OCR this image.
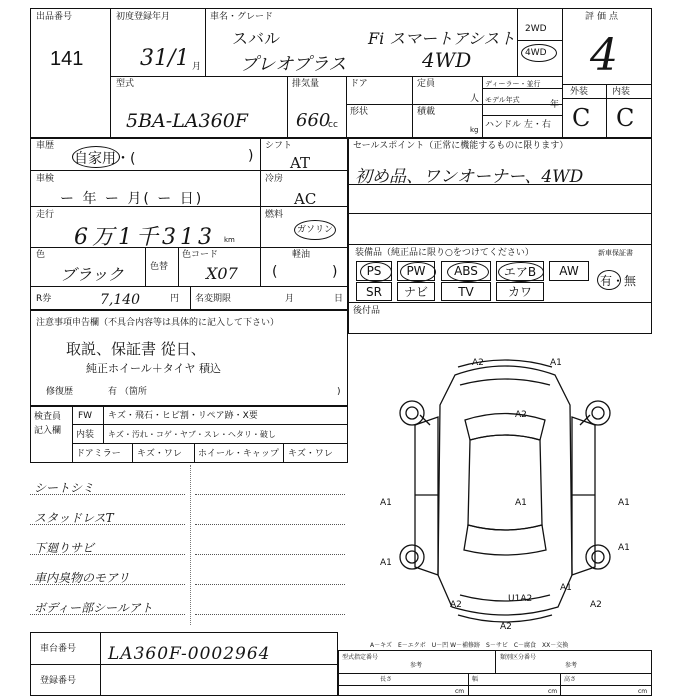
出品番号
141
初度登録年月
31/1 月
車名・グレード
スバル	Fi スマートアシスト
プレオプラス	4WD
2WD
4WD
評価点
4
外装	内装
C C
型式
5BA-LA360F
排気量
660
cc
ドア	定員
人
ディーラー・並行
モデル年式	年
形状	積載
kg ハンドル 左・右
車歴
自家用・(	)
シフト
AT
車検
ー 年 ー 月( ー 日)
冷房
AC
走行
6万1千313 km
燃料
ガソリン
軽油
色
ブラック	色替
色コード
X07 (	)
R券	7,140	円 名変期限	月	日
セールスポイント（正常に機能するものに限ります）
初め品、ワンオーナー、4WD
装備品（純正品に限り○をつけてください）	新車保証書
PS	PW	ABS	エアB	AW
SR	ナビ	TV	カワ
有・無
後付品
注意事項申告欄（不具合内容等は具体的に記入して下さい）
取説、保証書 從日、
純正ホイール＋タイヤ 積込
修復歴	有 （箇所	)
検査員
記入欄
FW キズ・飛石・ヒビ割・リペア跡・X要
内装 キズ・汚れ・コゲ・ヤブ・スレ・ヘタリ・破し
ドアミラー キズ・ワレ ホイール・キャップ キズ・ワレ
シートシミ
スタッドレスT
下廻りサビ
車内臭物のモアリ
ボディー部シールアト
A2	A1
A2
A1
A1	A1
A1
A1
A1
A2
U1A2
A2
A2
A－キズ　E－エクボ　U－凹 W－補修跡　S－サビ　C－腐食　XX－交換
車台番号 LA360F-0002964
登録番号
型式指定番号
参考
類別区分番号
参考
長さ	幅	高さ
cm	cm	cm
